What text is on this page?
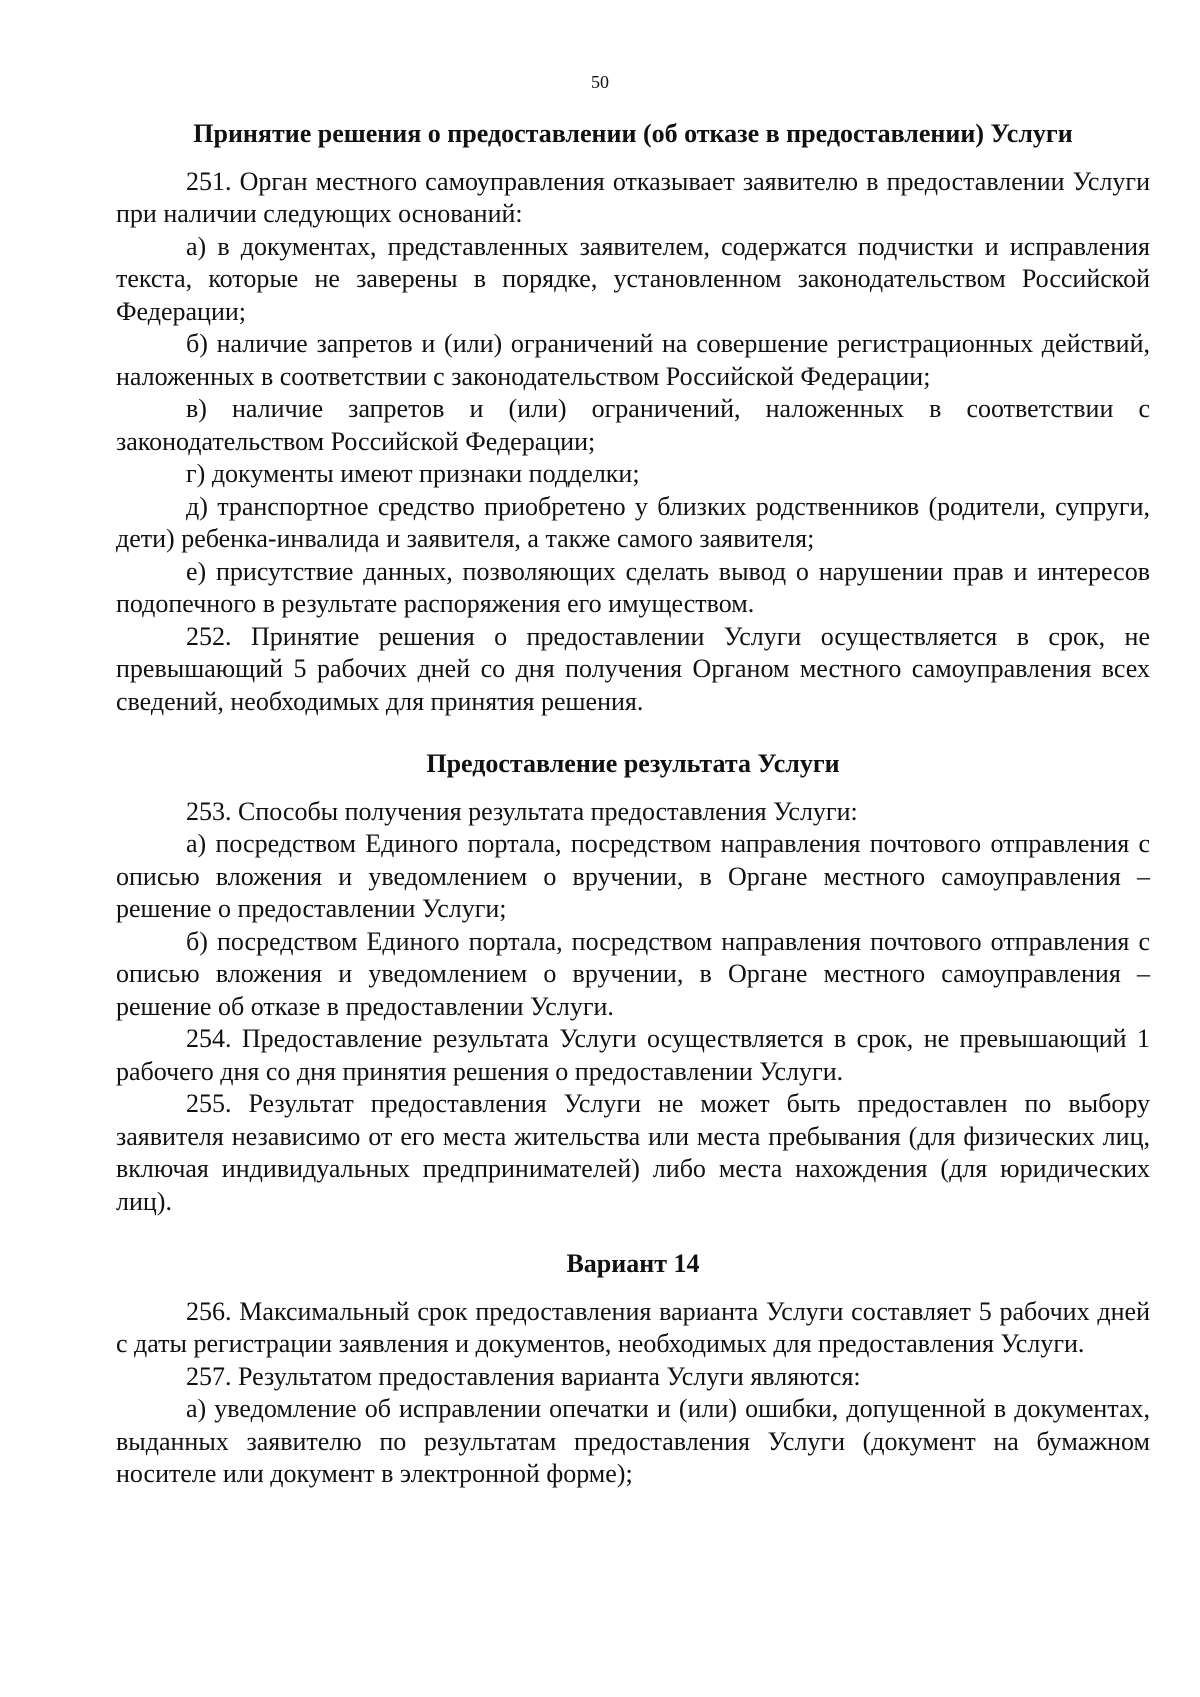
50
Принятие решения о предоставлении (об отказе в предоставлении) Услуги

251. Орган местного самоуправления отказывает заявителю в предоставлении Услуги при наличии следующих оснований:

а) в документах, представленных заявителем, содержатся подчистки и исправления текста, которые не заверены в порядке, установленном законодательством Российской Федерации;

б) наличие запретов и (или) ограничений на совершение регистрационных действий, наложенных в соответствии с законодательством Российской Федерации;

в) наличие запретов и (или) ограничений, наложенных в соответствии с законодательством Российской Федерации;

г) документы имеют признаки подделки;

д) транспортное средство приобретено у близких родственников (родители, супруги, дети) ребенка-инвалида и заявителя, а также самого заявителя;

е) присутствие данных, позволяющих сделать вывод о нарушении прав и интересов подопечного в результате распоряжения его имуществом.

252. Принятие решения о предоставлении Услуги осуществляется в срок, не превышающий 5 рабочих дней со дня получения Органом местного самоуправления всех сведений, необходимых для принятия решения.

Предоставление результата Услуги

253. Способы получения результата предоставления Услуги:

а) посредством Единого портала, посредством направления почтового отправления с описью вложения и уведомлением о вручении, в Органе местного самоуправления – решение о предоставлении Услуги;

б) посредством Единого портала, посредством направления почтового отправления с описью вложения и уведомлением о вручении, в Органе местного самоуправления – решение об отказе в предоставлении Услуги.

254. Предоставление результата Услуги осуществляется в срок, не превышающий 1 рабочего дня со дня принятия решения о предоставлении Услуги.

255. Результат предоставления Услуги не может быть предоставлен по выбору заявителя независимо от его места жительства или места пребывания (для физических лиц, включая индивидуальных предпринимателей) либо места нахождения (для юридических лиц).

Вариант 14

256. Максимальный срок предоставления варианта Услуги составляет 5 рабочих дней с даты регистрации заявления и документов, необходимых для предоставления Услуги.

257. Результатом предоставления варианта Услуги являются:

а) уведомление об исправлении опечатки и (или) ошибки, допущенной в документах, выданных заявителю по результатам предоставления Услуги (документ на бумажном носителе или документ в электронной форме);
